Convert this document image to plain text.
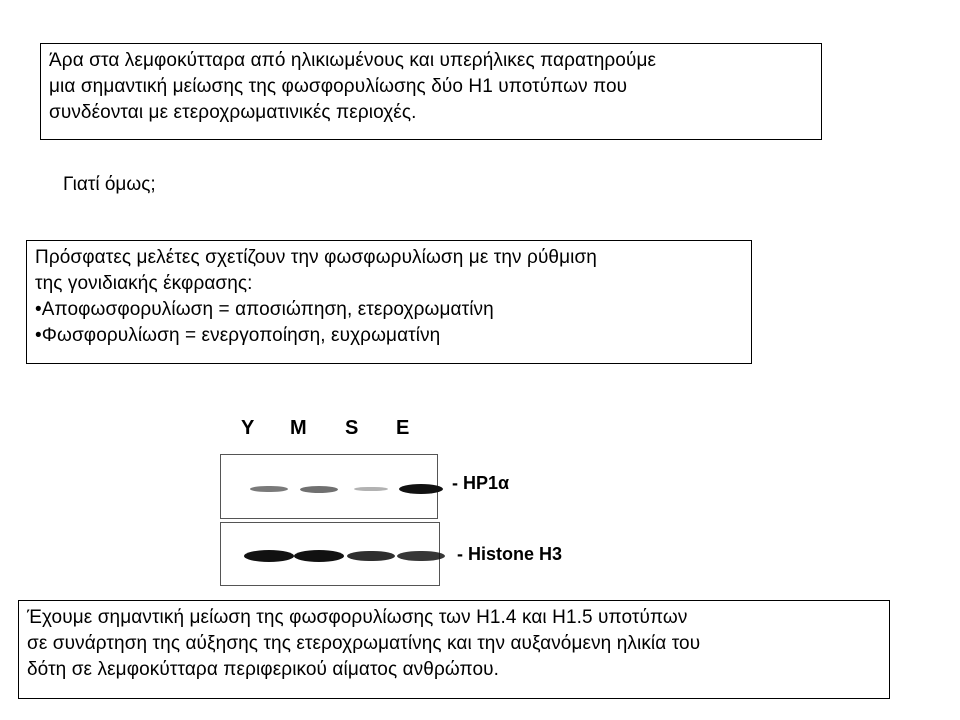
Άρα στα λεμφοκύτταρα από ηλικιωμένους και υπερήλικες παρατηρούμε
μια σημαντική μείωσης της φωσφορυλίωσης δύο Η1 υποτύπων που
συνδέονται με ετεροχρωματινικές περιοχές.
Γιατί όμως;
Πρόσφατες μελέτες σχετίζουν την φωσφωρυλίωση με την ρύθμιση
της γονιδιακής έκφρασης:
•Αποφωσφορυλίωση = αποσιώπηση, ετεροχρωματίνη
•Φωσφορυλίωση = ενεργοποίηση, ευχρωματίνη
Y M S E
- HP1α
- Histone H3
Έχουμε σημαντική μείωση της φωσφορυλίωσης των Η1.4 και Η1.5 υποτύπων
σε συνάρτηση της αύξησης της ετεροχρωματίνης και την αυξανόμενη ηλικία του
δότη σε λεμφοκύτταρα περιφερικού αίματος ανθρώπου.
